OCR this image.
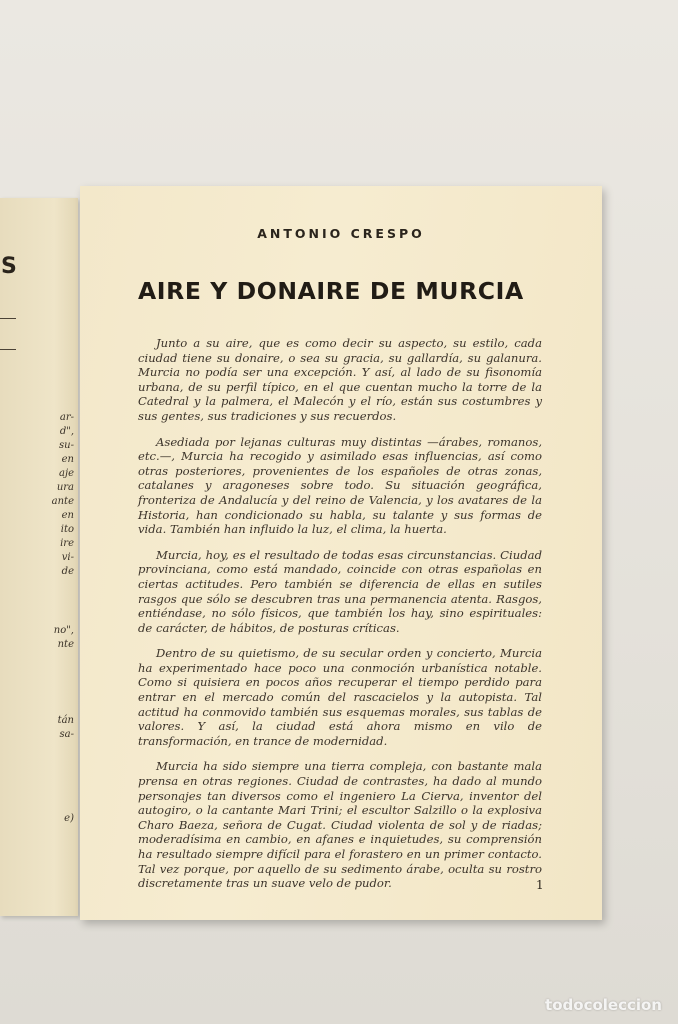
S
ar-
d",
su-
en
aje
ura
ante
en
ito
ire
vi-
de
no",
nte
tán
sa-
e)
ANTONIO CRESPO
AIRE Y DONAIRE DE MURCIA

Junto a su aire, que es como decir su aspecto, su estilo, cada ciudad tiene su donaire, o sea su gracia, su gallardía, su galanura. Murcia no podía ser una excepción. Y así, al lado de su fisonomía urbana, de su perfil típico, en el que cuentan mucho la torre de la Catedral y la palmera, el Malecón y el río, están sus costumbres y sus gentes, sus tradiciones y sus recuerdos.

Asediada por lejanas culturas muy distintas —árabes, romanos, etc.—, Murcia ha recogido y asimilado esas influencias, así como otras posteriores, provenientes de los españoles de otras zonas, catalanes y aragoneses sobre todo. Su situación geográfica, fronteriza de Andalucía y del reino de Valencia, y los avatares de la Historia, han condicionado su habla, su talante y sus formas de vida. También han influido la luz, el clima, la huerta.

Murcia, hoy, es el resultado de todas esas circunstancias. Ciudad provinciana, como está mandado, coincide con otras españolas en ciertas actitudes. Pero también se diferencia de ellas en sutiles rasgos que sólo se descubren tras una permanencia atenta. Rasgos, entiéndase, no sólo físicos, que también los hay, sino espirituales: de carácter, de hábitos, de posturas críticas.

Dentro de su quietismo, de su secular orden y concierto, Murcia ha experimentado hace poco una conmoción urbanística notable. Como si quisiera en pocos años recuperar el tiempo perdido para entrar en el mercado común del rascacielos y la autopista. Tal actitud ha conmovido también sus esquemas morales, sus tablas de valores. Y así, la ciudad está ahora mismo en vilo de transformación, en trance de modernidad.

Murcia ha sido siempre una tierra compleja, con bastante mala prensa en otras regiones. Ciudad de contrastes, ha dado al mundo personajes tan diversos como el ingeniero La Cierva, inventor del autogiro, o la cantante Mari Trini; el escultor Salzillo o la explosiva Charo Baeza, señora de Cugat. Ciudad violenta de sol y de riadas; moderadísima en cambio, en afanes e inquietudes, su comprensión ha resultado siempre difícil para el forastero en un primer contacto. Tal vez porque, por aquello de su sedimento árabe, oculta su rostro discretamente tras un suave velo de pudor.	1
todocoleccion
